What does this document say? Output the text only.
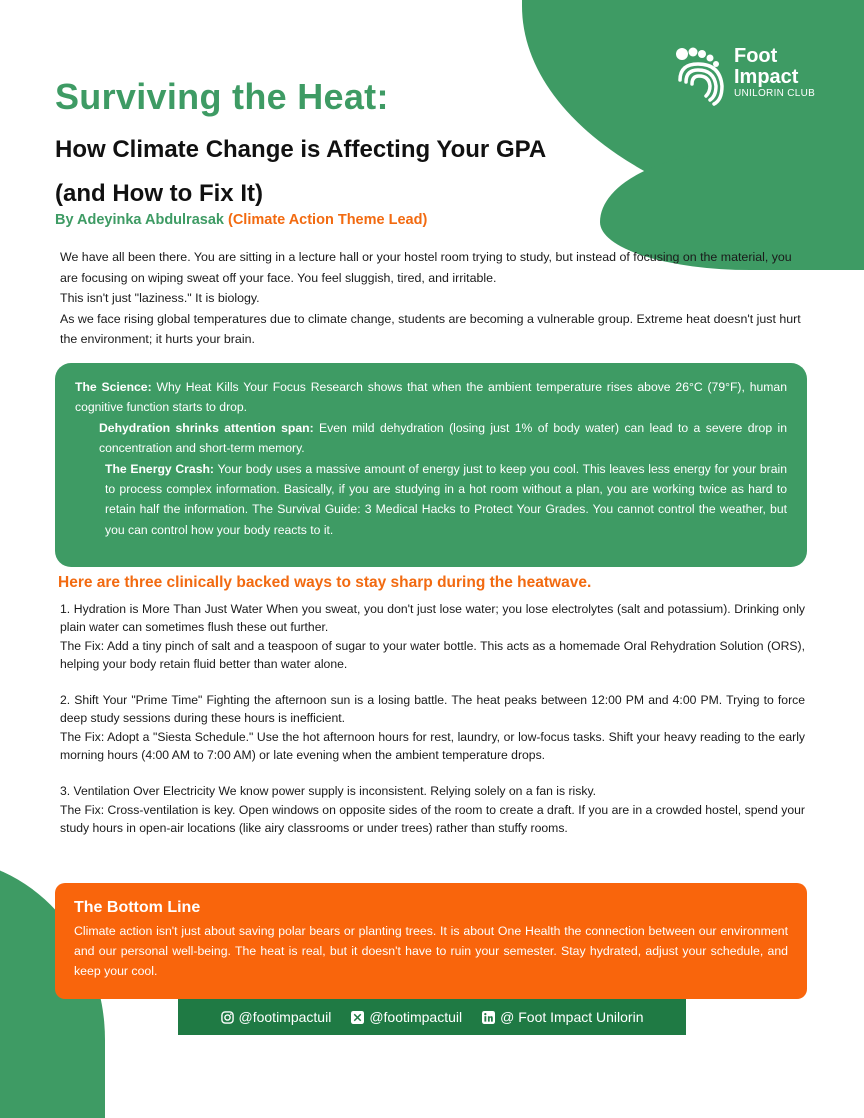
Foot
Impact
UNILORIN CLUB
Surviving the Heat:
How Climate Change is Affecting Your GPA
(and How to Fix It)

By Adeyinka Abdulrasak (Climate Action Theme Lead)

We have all been there. You are sitting in a lecture hall or your hostel room trying to study, but instead of focusing on the material, you are focusing on wiping sweat off your face. You feel sluggish, tired, and irritable.

This isn't just "laziness." It is biology.

As we face rising global temperatures due to climate change, students are becoming a vulnerable group. Extreme heat doesn't just hurt the environment; it hurts your brain.

The Science: Why Heat Kills Your Focus Research shows that when the ambient temperature rises above 26°C (79°F), human cognitive function starts to drop.

Dehydration shrinks attention span: Even mild dehydration (losing just 1% of body water) can lead to a severe drop in concentration and short-term memory.

The Energy Crash: Your body uses a massive amount of energy just to keep you cool. This leaves less energy for your brain to process complex information. Basically, if you are studying in a hot room without a plan, you are working twice as hard to retain half the information. The Survival Guide: 3 Medical Hacks to Protect Your Grades. You cannot control the weather, but you can control how your body reacts to it.

Here are three clinically backed ways to stay sharp during the heatwave.

1. Hydration is More Than Just Water When you sweat, you don't just lose water; you lose electrolytes (salt and potassium). Drinking only plain water can sometimes flush these out further.

The Fix: Add a tiny pinch of salt and a teaspoon of sugar to your water bottle. This acts as a homemade Oral Rehydration Solution (ORS), helping your body retain fluid better than water alone.

2. Shift Your "Prime Time" Fighting the afternoon sun is a losing battle. The heat peaks between 12:00 PM and 4:00 PM. Trying to force deep study sessions during these hours is inefficient.

The Fix: Adopt a "Siesta Schedule." Use the hot afternoon hours for rest, laundry, or low-focus tasks. Shift your heavy reading to the early morning hours (4:00 AM to 7:00 AM) or late evening when the ambient temperature drops.

3. Ventilation Over Electricity We know power supply is inconsistent. Relying solely on a fan is risky.

The Fix: Cross-ventilation is key. Open windows on opposite sides of the room to create a draft. If you are in a crowded hostel, spend your study hours in open-air locations (like airy classrooms or under trees) rather than stuffy rooms.

The Bottom Line

Climate action isn't just about saving polar bears or planting trees. It is about One Health the connection between our environment and our personal well-being. The heat is real, but it doesn't have to ruin your semester. Stay hydrated, adjust your schedule, and keep your cool.

@footimpactuil	@footimpactuil	@ Foot Impact Unilorin
